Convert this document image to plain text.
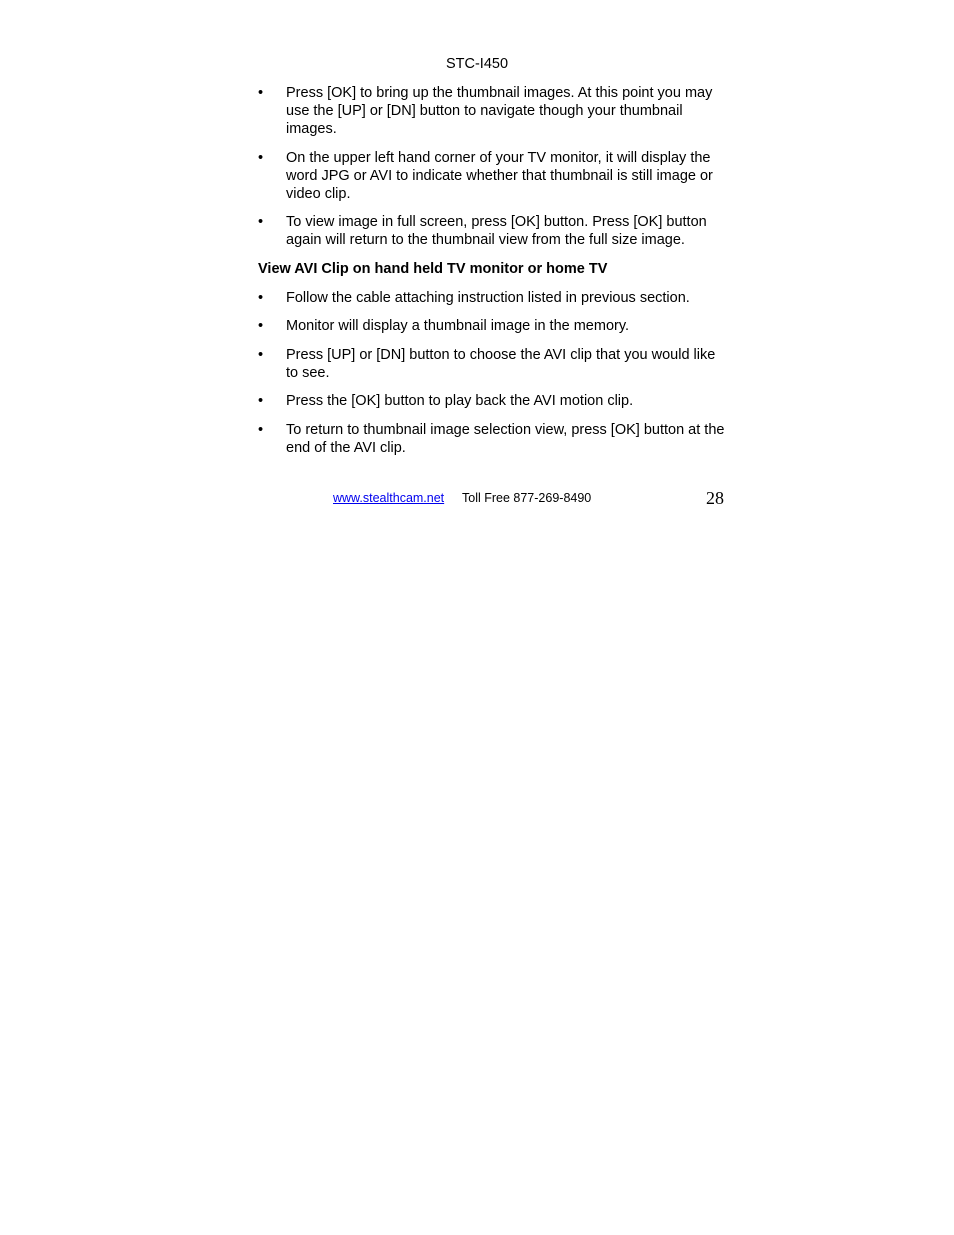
STC-I450
• Press [OK] to bring up the thumbnail images. At this point you may use the [UP] or [DN] button to navigate though your thumbnail images.
• On the upper left hand corner of your TV monitor, it will display the word JPG or AVI to indicate whether that thumbnail is still image or video clip.
• To view image in full screen, press [OK] button. Press [OK] button again will return to the thumbnail view from the full size image.
View AVI Clip on hand held TV monitor or home TV
• Follow the cable attaching instruction listed in previous section.
• Monitor will display a thumbnail image in the memory.
• Press [UP] or [DN] button to choose the AVI clip that you would like to see.
• Press the [OK] button to play back the AVI motion clip.
• To return to thumbnail image selection view, press [OK] button at the end of the AVI clip.
www.stealthcam.net Toll Free 877-269-8490	28
